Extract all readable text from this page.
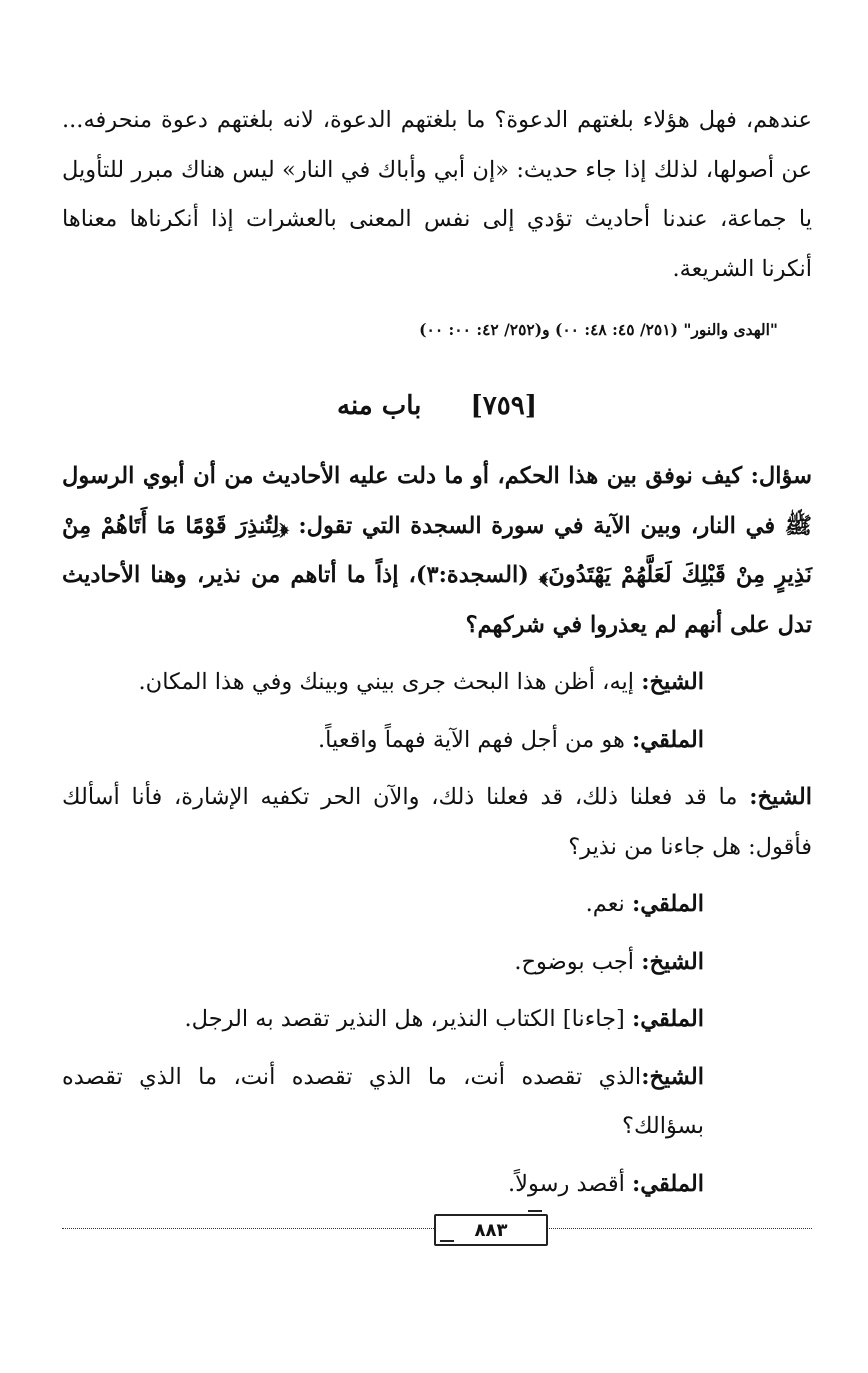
عندهم، فهل هؤلاء بلغتهم الدعوة؟ ما بلغتهم الدعوة، لانه بلغتهم دعوة منحرفه... عن أصولها، لذلك إذا جاء حديث: «إن أبي وأباك في النار» ليس هناك مبرر للتأويل يا جماعة، عندنا أحاديث تؤدي إلى نفس المعنى بالعشرات إذا أنكرناها معناها أنكرنا الشريعة.

"الهدى والنور" (٢٥١/ ٤٥: ٤٨: ٠٠) و(٢٥٢/ ٤٢: ٠٠: ٠٠)

[٧٥٩] باب منه

سؤال: كيف نوفق بين هذا الحكم، أو ما دلت عليه الأحاديث من أن أبوي الرسول ﷺ في النار، وبين الآية في سورة السجدة التي تقول: ﴿لِتُنذِرَ قَوْمًا مَا أَتَاهُمْ مِنْ نَذِيرٍ مِنْ قَبْلِكَ لَعَلَّهُمْ يَهْتَدُونَ﴾ (السجدة:٣)، إذاً ما أتاهم من نذير، وهنا الأحاديث تدل على أنهم لم يعذروا في شركهم؟

الشيخ: إيه، أظن هذا البحث جرى بيني وبينك وفي هذا المكان.

الملقي: هو من أجل فهم الآية فهماً واقعياً.

الشيخ: ما قد فعلنا ذلك، قد فعلنا ذلك، والآن الحر تكفيه الإشارة، فأنا أسألك فأقول: هل جاءنا من نذير؟

الملقي: نعم.

الشيخ: أجب بوضوح.

الملقي: [جاءنا] الكتاب النذير، هل النذير تقصد به الرجل.

الشيخ:الذي تقصده أنت، ما الذي تقصده أنت، ما الذي تقصده بسؤالك؟

الملقي: أقصد رسولاً.

٨٨٣
